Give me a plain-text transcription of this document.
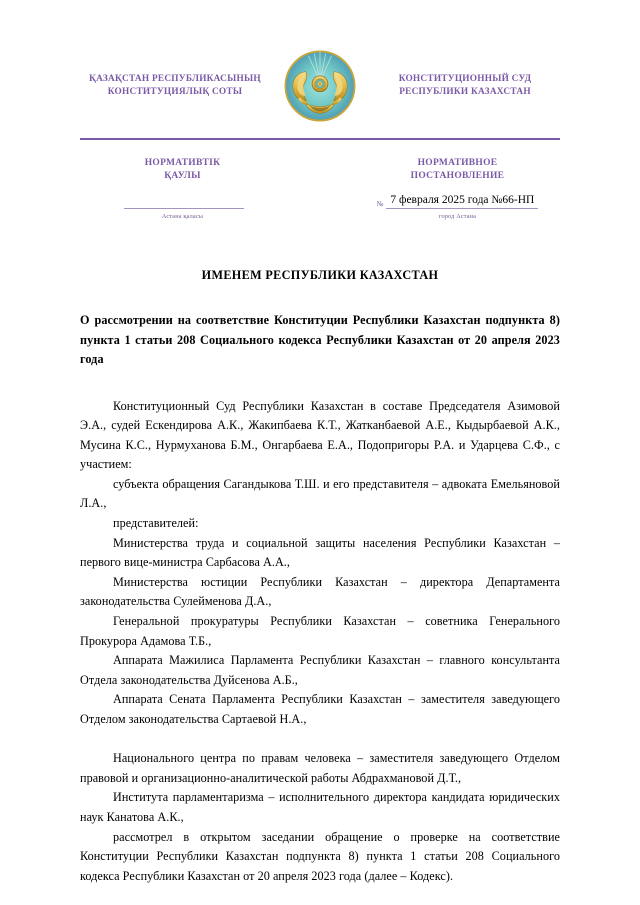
ҚАЗАҚСТАН РЕСПУБЛИКАСЫНЫҢ
КОНСТИТУЦИЯЛЫҚ СОТЫ
КОНСТИТУЦИОННЫЙ СУД
РЕСПУБЛИКИ КАЗАХСТАН
НОРМАТИВТІК
ҚАУЛЫ
Астана қаласы
НОРМАТИВНОЕ
ПОСТАНОВЛЕНИЕ
№ 7 февраля 2025 года №66-НП
город Астана
ИМЕНЕМ РЕСПУБЛИКИ КАЗАХСТАН
О рассмотрении на соответствие Конституции Республики Казахстан подпункта 8) пункта 1 статьи 208 Социального кодекса Республики Казахстан от 20 апреля 2023 года

Конституционный Суд Республики Казахстан в составе Председателя Азимовой Э.А., судей Ескендирова А.К., Жакипбаева К.Т., Жатканбаевой А.Е., Кыдырбаевой А.К., Мусина К.С., Нурмуханова Б.М., Онгарбаева Е.А., Подопригоры Р.А. и Ударцева С.Ф., с участием:

субъекта обращения Сагандыкова Т.Ш. и его представителя – адвоката Емельяновой Л.А.,

представителей:

Министерства труда и социальной защиты населения Республики Казахстан – первого вице-министра Сарбасова А.А.,

Министерства юстиции Республики Казахстан – директора Департамента законодательства Сулейменова Д.А.,

Генеральной прокуратуры Республики Казахстан – советника Генерального Прокурора Адамова Т.Б.,

Аппарата Мажилиса Парламента Республики Казахстан – главного консультанта Отдела законодательства Дуйсенова А.Б.,

Аппарата Сената Парламента Республики Казахстан – заместителя заведующего Отделом законодательства Сартаевой Н.А.,

Национального центра по правам человека – заместителя заведующего Отделом правовой и организационно-аналитической работы Абдрахмановой Д.Т.,

Института парламентаризма – исполнительного директора кандидата юридических наук Канатова А.К.,

рассмотрел в открытом заседании обращение о проверке на соответствие Конституции Республики Казахстан подпункта 8) пункта 1 статьи 208 Социального кодекса Республики Казахстан от 20 апреля 2023 года (далее – Кодекс).
